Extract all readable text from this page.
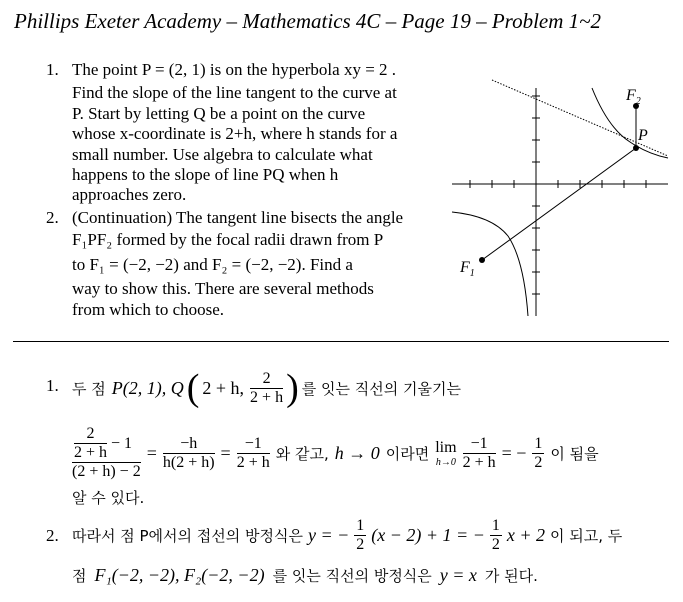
Phillips Exeter Academy – Mathematics 4C – Page 19 – Problem 1~2
1. The point P = (2, 1) is on the hyperbola xy = 2 .
Find the slope of the line tangent to the curve at
P. Start by letting Q be a point on the curve
whose x-coordinate is 2+h, where h stands for a
small number. Use algebra to calculate what
happens to the slope of line PQ when h
approaches zero.
2. (Continuation) The tangent line bisects the angle
F₁PF₂ formed by the focal radii drawn from P
to F₁ = (−2, −2) and F₂ = (−2, −2). Find a
way to show this. There are several methods
from which to choose.
$F_1$
$F_2$
P
1. 두 점 P(2, 1), Q ( 2 + h, $\frac{2}{2 + h}$ ) 를 잇는 직선의 기울기는
$\frac{\frac{2}{2 + h} - 1}{(2 + h) - 2} = \frac{-h}{h(2 + h)} = \frac{-1}{2 + h}$ 와 같고, h → 0 이라면 lim
$h\to 0 \frac{-1}{2 + h}$ = − $\frac{1}{2}$ 이 됨을
알 수 있다.
2. 따라서 점 P에서의 접선의 방정식은 y = − $\frac{1}{2} (x - 2) + 1$ = − $\frac{1}{2}$ x + 2 이 되고, 두
점 F₁(−2, −2), F₂(−2, −2) 를 잇는 직선의 방정식은 y = x 가 된다.
